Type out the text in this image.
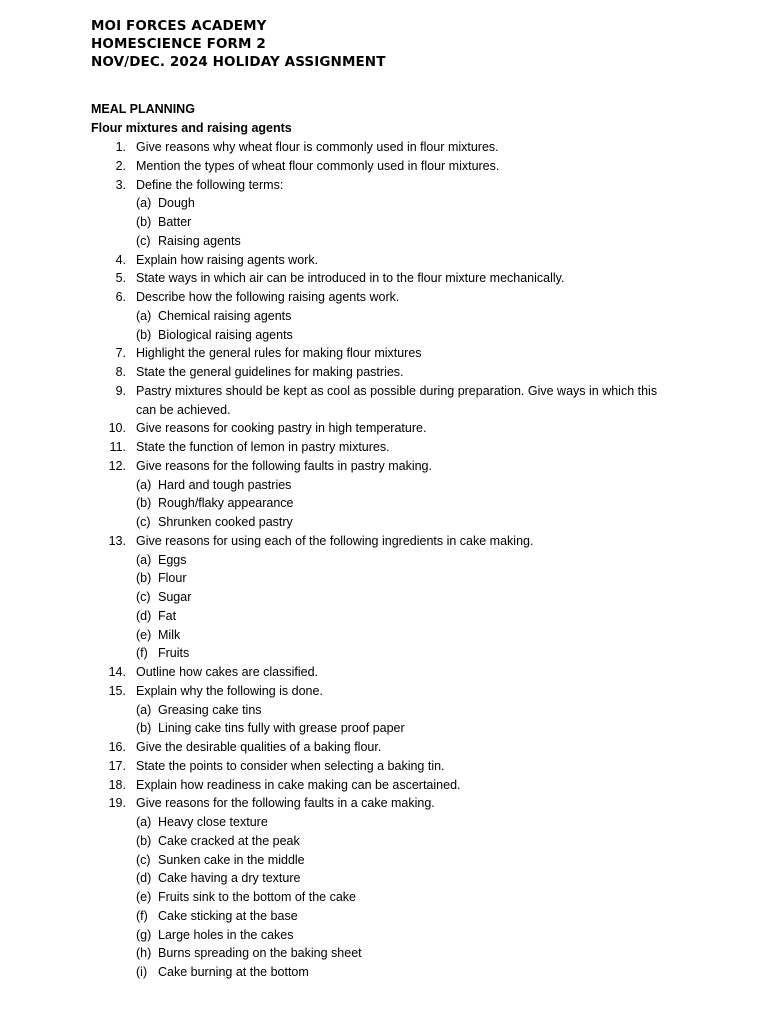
MOI FORCES ACADEMY
HOMESCIENCE FORM 2
NOV/DEC. 2024 HOLIDAY ASSIGNMENT
MEAL PLANNING
Flour mixtures and raising agents
1. Give reasons why wheat flour is commonly used in flour mixtures.
2. Mention the types of wheat flour commonly used in flour mixtures.
3. Define the following terms:
(a) Dough
(b) Batter
(c) Raising agents
4. Explain how raising agents work.
5. State ways in which air can be introduced in to the flour mixture mechanically.
6. Describe how the following raising agents work.
(a) Chemical raising agents
(b) Biological raising agents
7. Highlight the general rules for making flour mixtures
8. State the general guidelines for making pastries.
9. Pastry mixtures should be kept as cool as possible during preparation. Give ways in which this can be achieved.
10. Give reasons for cooking pastry in high temperature.
11. State the function of lemon in pastry mixtures.
12. Give reasons for the following faults in pastry making.
(a) Hard and tough pastries
(b) Rough/flaky appearance
(c) Shrunken cooked pastry
13. Give reasons for using each of the following ingredients in cake making.
(a) Eggs
(b) Flour
(c) Sugar
(d) Fat
(e) Milk
(f) Fruits
14. Outline how cakes are classified.
15. Explain why the following is done.
(a) Greasing cake tins
(b) Lining cake tins fully with grease proof paper
16. Give the desirable qualities of a baking flour.
17. State the points to consider when selecting a baking tin.
18. Explain how readiness in cake making can be ascertained.
19. Give reasons for the following faults in a cake making.
(a) Heavy close texture
(b) Cake cracked at the peak
(c) Sunken cake in the middle
(d) Cake having a dry texture
(e) Fruits sink to the bottom of the cake
(f) Cake sticking at the base
(g) Large holes in the cakes
(h) Burns spreading on the baking sheet
(i) Cake burning at the bottom
